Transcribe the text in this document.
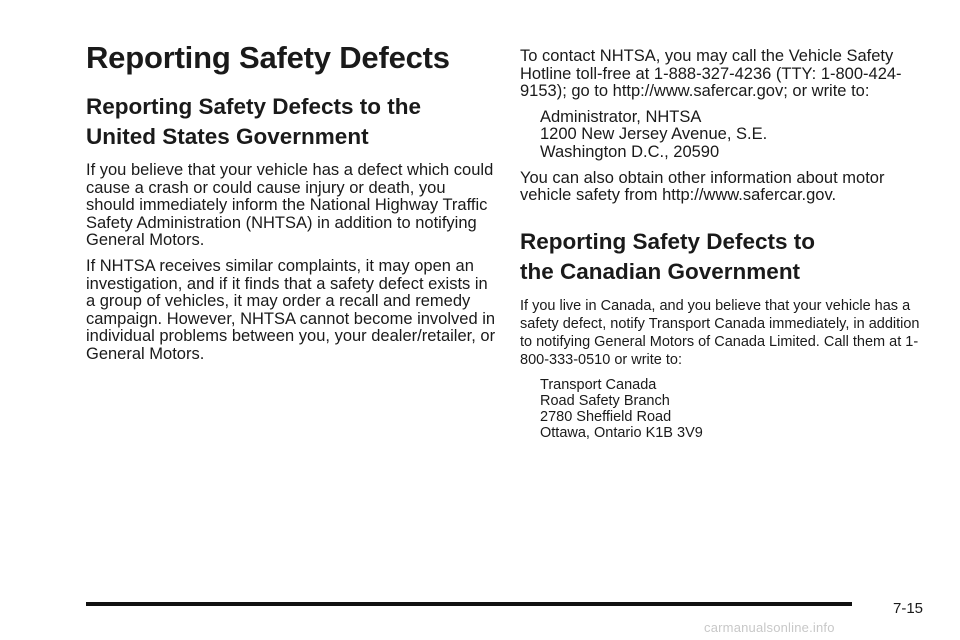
Reporting Safety Defects
Reporting Safety Defects to the
United States Government

If you believe that your vehicle has a defect which could cause a crash or could cause injury or death, you should immediately inform the National Highway Traffic Safety Administration (NHTSA) in addition to notifying General Motors.

If NHTSA receives similar complaints, it may open an investigation, and if it finds that a safety defect exists in a group of vehicles, it may order a recall and remedy campaign. However, NHTSA cannot become involved in individual problems between you, your dealer/retailer, or General Motors.

To contact NHTSA, you may call the Vehicle Safety Hotline toll-free at 1-888-327-4236 (TTY: 1-800-424-9153); go to http://www.safercar.gov; or write to:

Administrator, NHTSA
1200 New Jersey Avenue, S.E.
Washington D.C., 20590

You can also obtain other information about motor vehicle safety from http://www.safercar.gov.

Reporting Safety Defects to
the Canadian Government

If you live in Canada, and you believe that your vehicle has a safety defect, notify Transport Canada immediately, in addition to notifying General Motors of Canada Limited. Call them at 1-800-333-0510 or write to:

Transport Canada
Road Safety Branch
2780 Sheffield Road
Ottawa, Ontario K1B 3V9
7-15
carmanualsonline.info
